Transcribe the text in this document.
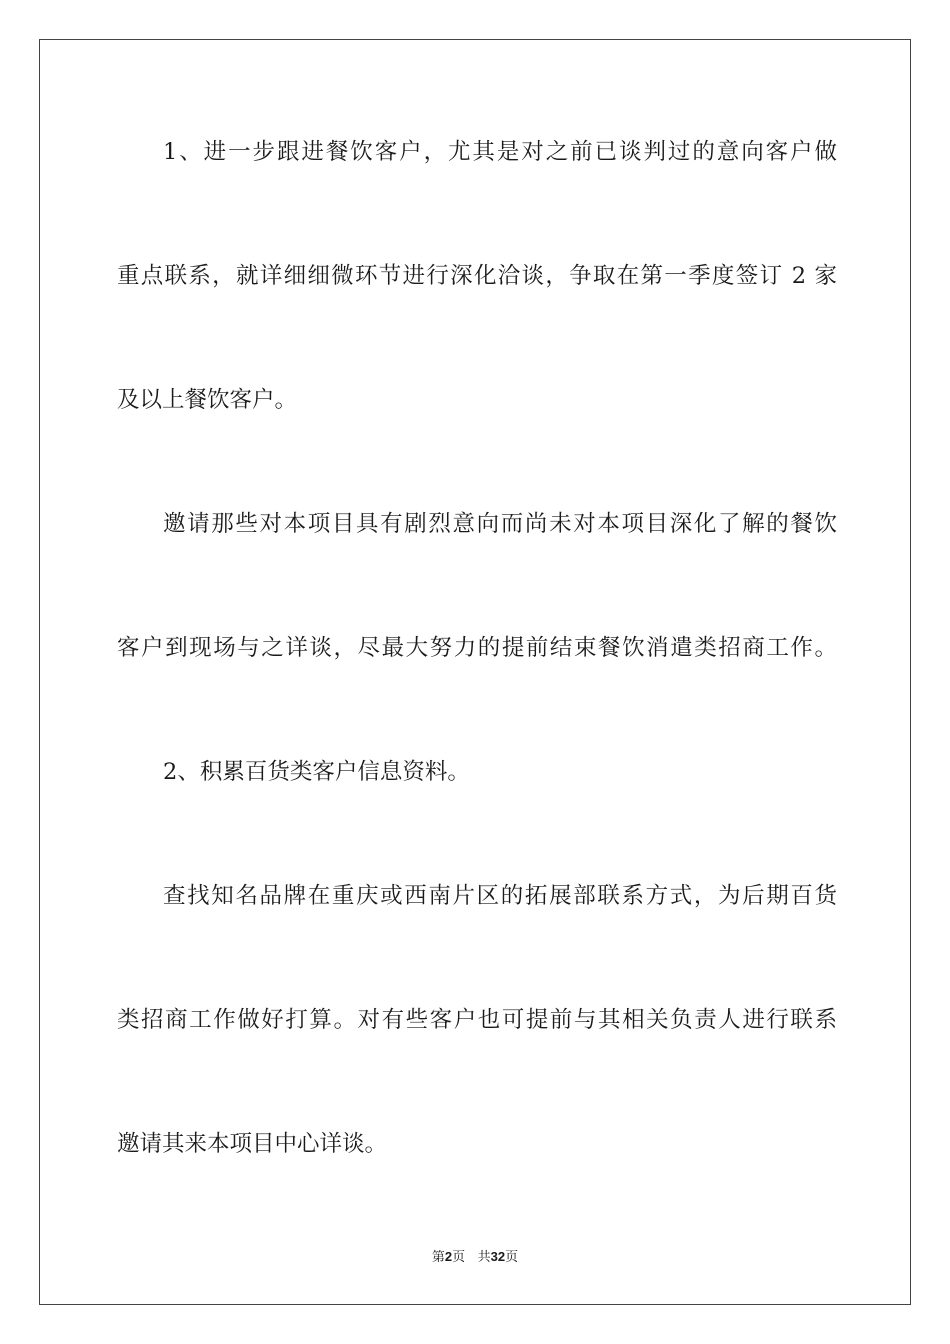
1、进一步跟进餐饮客户，尤其是对之前已谈判过的意向客户做

重点联系，就详细细微环节进行深化洽谈，争取在第一季度签订 2 家

及以上餐饮客户。

邀请那些对本项目具有剧烈意向而尚未对本项目深化了解的餐饮

客户到现场与之详谈，尽最大努力的提前结束餐饮消遣类招商工作。

2、积累百货类客户信息资料。

查找知名品牌在重庆或西南片区的拓展部联系方式，为后期百货

类招商工作做好打算。对有些客户也可提前与其相关负责人进行联系

邀请其来本项目中心详谈。

第2页 共32页
